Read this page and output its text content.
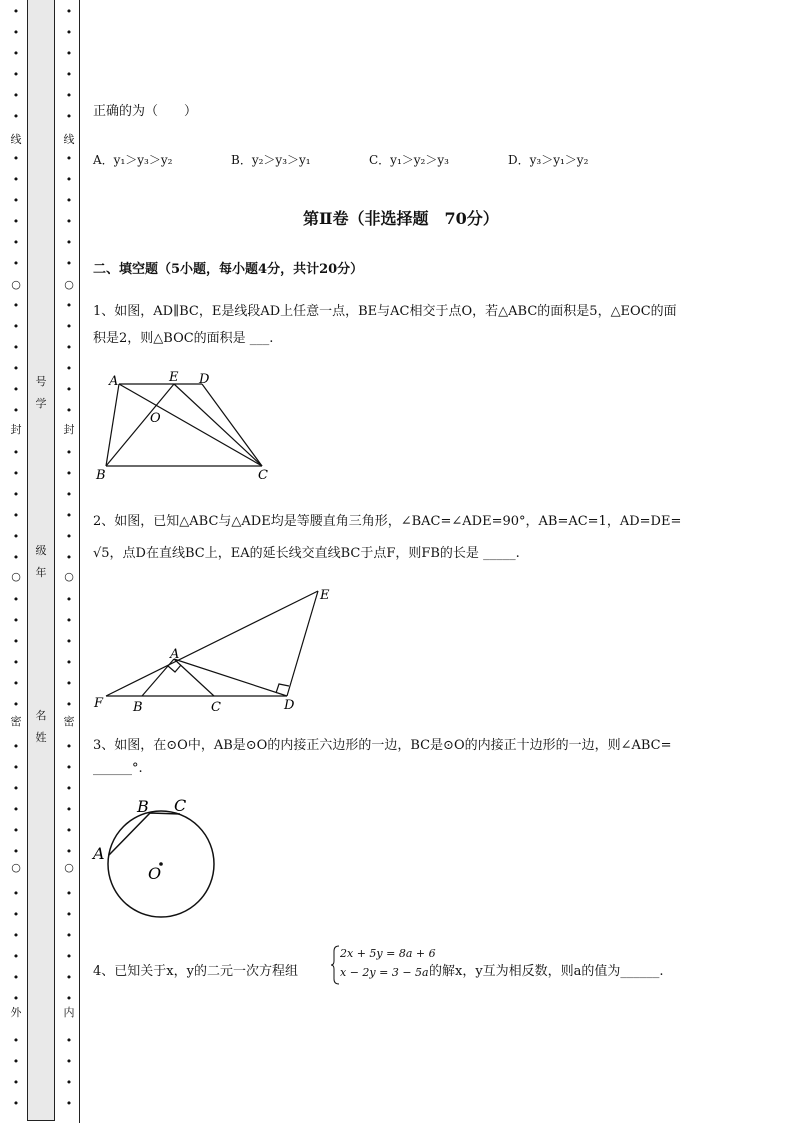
•
•
•
•
•
•
•
•
•
•
•
•
•
•
•
•
•
•
•
•
•
•
•
•
•
•
•
•
•
•
•
•
•
•
•
•
•
•
•
•
•
•
•
•
•
•
线
封
密
外
○
○
○
号
学
级
年
名
姓
•
•
•
•
•
•
•
•
•
•
•
•
•
•
•
•
•
•
•
•
•
•
•
•
•
•
•
•
•
•
•
•
•
•
•
•
•
•
•
•
•
•
•
•
•
•
线
封
密
内
○
○
○
正确的为（　　）
A．y₁＞y₃＞y₂	B．y₂＞y₃＞y₁	C．y₁＞y₂＞y₃	D．y₃＞y₁＞y₂
第Ⅱ卷（非选择题　70分）
二、填空题（5小题，每小题4分，共计20分）
1、如图，AD∥BC，E是线段AD上任意一点，BE与AC相交于点O，若△ABC的面积是5，△EOC的面
积是2，则△BOC的面积是 ___.
2、如图，已知△ABC与△ADE均是等腰直角三角形，∠BAC=∠ADE=90°，AB=AC=1，AD=DE=
√5，点D在直线BC上，EA的延长线交直线BC于点F，则FB的长是 _____.
3、如图，在⊙O中，AB是⊙O的内接正六边形的一边，BC是⊙O的内接正十边形的一边，则∠ABC=
______°.
4、已知关于x，y的二元一次方程组
2x + 5y = 8a + 6
x − 2y = 3 − 5a 的解x，y互为相反数，则a的值为______.
A	E D
O
B	C
E
A
F B	C	D
B C
A
O
